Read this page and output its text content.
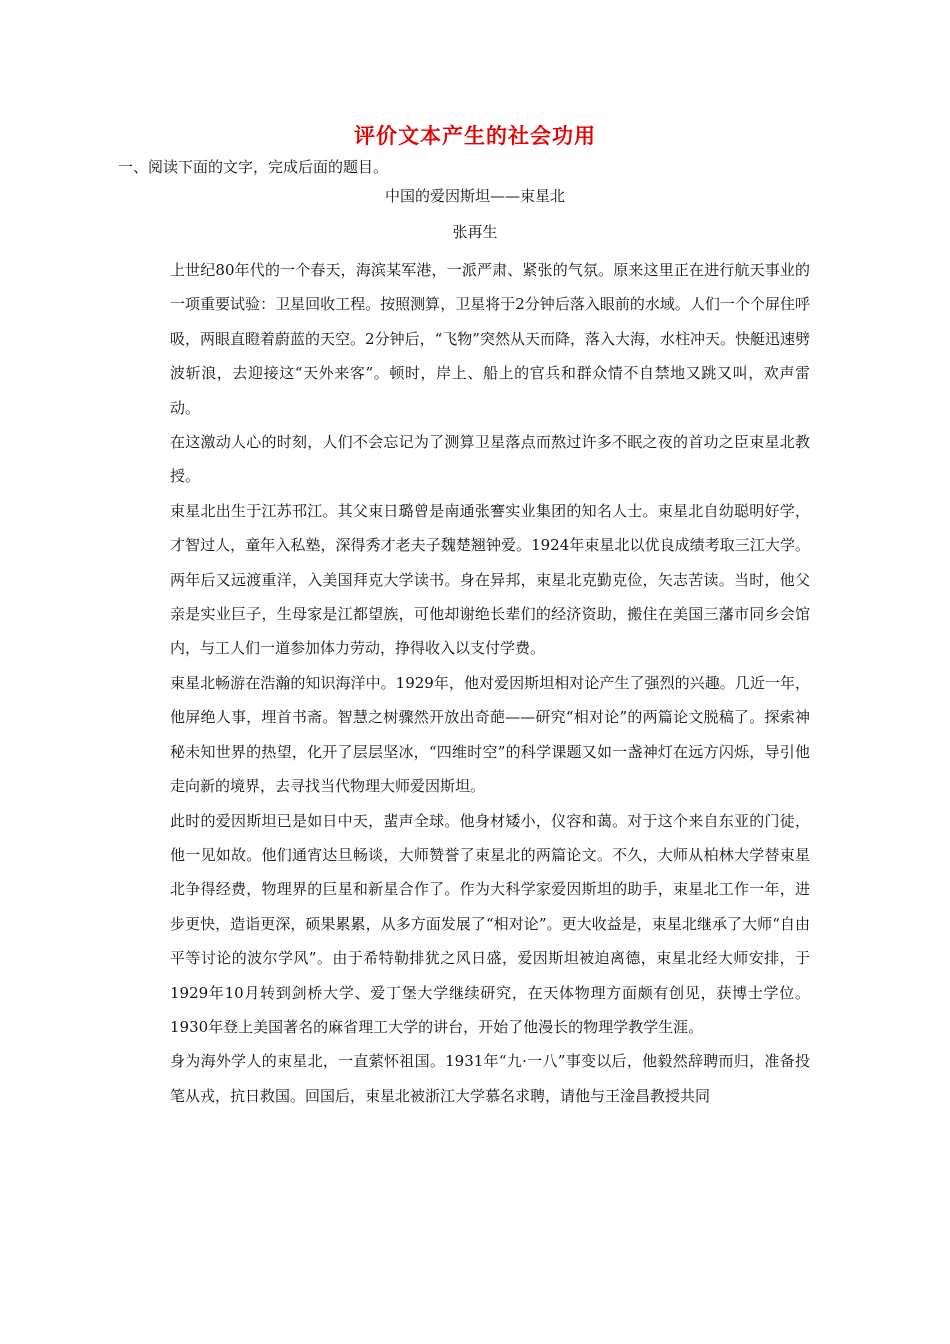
评价文本产生的社会功用
一、阅读下面的文字，完成后面的题目。
中国的爱因斯坦——束星北
张再生

上世纪80年代的一个春天，海滨某军港，一派严肃、紧张的气氛。原来这里正在进行航天事业的一项重要试验：卫星回收工程。按照测算，卫星将于2分钟后落入眼前的水域。人们一个个屏住呼吸，两眼直瞪着蔚蓝的天空。2分钟后，“飞物”突然从天而降，落入大海，水柱冲天。快艇迅速劈波斩浪，去迎接这“天外来客”。顿时，岸上、船上的官兵和群众情不自禁地又跳又叫，欢声雷动。

在这激动人心的时刻，人们不会忘记为了测算卫星落点而熬过许多不眠之夜的首功之臣束星北教授。

束星北出生于江苏邗江。其父束日璐曾是南通张謇实业集团的知名人士。束星北自幼聪明好学，才智过人，童年入私塾，深得秀才老夫子魏楚翘钟爱。1924年束星北以优良成绩考取三江大学。两年后又远渡重洋，入美国拜克大学读书。身在异邦，束星北克勤克俭，矢志苦读。当时，他父亲是实业巨子，生母家是江都望族，可他却谢绝长辈们的经济资助，搬住在美国三藩市同乡会馆内，与工人们一道参加体力劳动，挣得收入以支付学费。

束星北畅游在浩瀚的知识海洋中。1929年，他对爱因斯坦相对论产生了强烈的兴趣。几近一年，他屏绝人事，埋首书斋。智慧之树骤然开放出奇葩——研究“相对论”的两篇论文脱稿了。探索神秘未知世界的热望，化开了层层坚冰，“四维时空”的科学课题又如一盏神灯在远方闪烁，导引他走向新的境界，去寻找当代物理大师爱因斯坦。

此时的爱因斯坦已是如日中天，蜚声全球。他身材矮小，仪容和蔼。对于这个来自东亚的门徒，他一见如故。他们通宵达旦畅谈，大师赞誉了束星北的两篇论文。不久，大师从柏林大学替束星北争得经费，物理界的巨星和新星合作了。作为大科学家爱因斯坦的助手，束星北工作一年，进步更快，造诣更深，硕果累累，从多方面发展了“相对论”。更大收益是，束星北继承了大师“自由平等讨论的波尔学风”。由于希特勒排犹之风日盛，爱因斯坦被迫离德，束星北经大师安排，于1929年10月转到剑桥大学、爱丁堡大学继续研究，在天体物理方面颇有创见，获博士学位。1930年登上美国著名的麻省理工大学的讲台，开始了他漫长的物理学教学生涯。

身为海外学人的束星北，一直萦怀祖国。1931年“九·一八”事变以后，他毅然辞聘而归，准备投笔从戎，抗日救国。回国后，束星北被浙江大学慕名求聘，请他与王淦昌教授共同
